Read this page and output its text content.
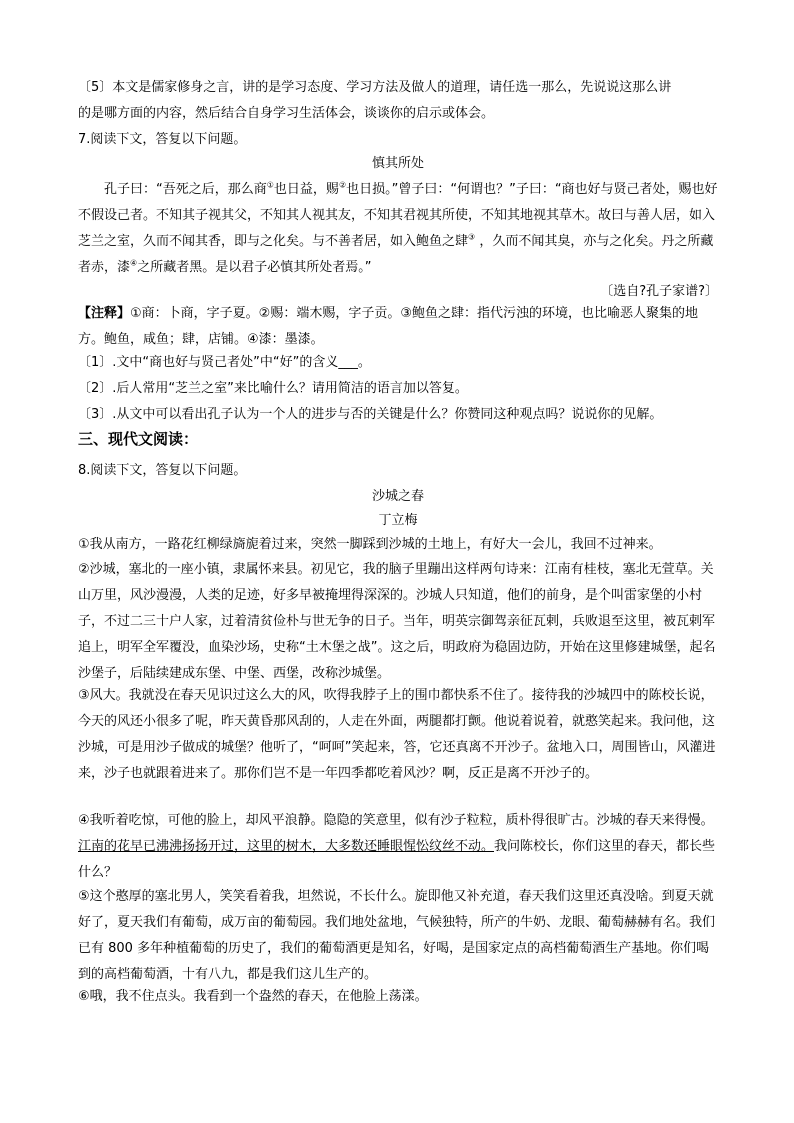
〔5〕本文是儒家修身之言，讲的是学习态度、学习方法及做人的道理，请任选一那么，先说说这那么讲

的是哪方面的内容，然后结合自身学习生活体会，谈谈你的启示或体会。

7.阅读下文，答复以下问题。

慎其所处

孔子曰：“吾死之后，那么商①也日益，赐②也日损。”曾子曰：“何谓也？”子曰：“商也好与贤己者处，赐也好不假设己者。不知其子视其父，不知其人视其友，不知其君视其所使，不知其地视其草木。故曰与善人居，如入芝兰之室，久而不闻其香，即与之化矣。与不善者居，如入鲍鱼之肆③ ，久而不闻其臭，亦与之化矣。丹之所藏者赤，漆④之所藏者黑。是以君子必慎其所处者焉。”

〔选自?孔子家谱?〕

【注释】①商：卜商，字子夏。②赐：端木赐，字子贡。③鲍鱼之肆：指代污浊的环境，也比喻恶人聚集的地方。鲍鱼，咸鱼；肆，店铺。④漆：墨漆。

〔1〕.文中“商也好与贤己者处”中“好”的含义___。

〔2〕.后人常用“芝兰之室”来比喻什么？请用简洁的语言加以答复。

〔3〕.从文中可以看出孔子认为一个人的进步与否的关键是什么？你赞同这种观点吗？说说你的见解。

三、现代文阅读：

8.阅读下文，答复以下问题。

沙城之春

丁立梅

①我从南方，一路花红柳绿旖旎着过来，突然一脚踩到沙城的土地上，有好大一会儿，我回不过神来。

②沙城，塞北的一座小镇，隶属怀来县。初见它，我的脑子里蹦出这样两句诗来：江南有桂枝，塞北无萱草。关山万里，风沙漫漫，人类的足迹，好多早被掩埋得深深的。沙城人只知道，他们的前身，是个叫雷家堡的小村子，不过二三十户人家，过着清贫俭朴与世无争的日子。当年，明英宗御驾亲征瓦剌，兵败退至这里，被瓦剌军追上，明军全军覆没，血染沙场，史称“土木堡之战”。这之后，明政府为稳固边防，开始在这里修建城堡，起名沙堡子，后陆续建成东堡、中堡、西堡，改称沙城堡。

③风大。我就没在春天见识过这么大的风，吹得我脖子上的围巾都快系不住了。接待我的沙城四中的陈校长说，今天的风还小很多了呢，昨天黄昏那风刮的，人走在外面，两腿都打颤。他说着说着，就憨笑起来。我问他，这沙城，可是用沙子做成的城堡？他听了，“呵呵”笑起来，答，它还真离不开沙子。盆地入口，周围皆山，风灌进来，沙子也就跟着进来了。那你们岂不是一年四季都吃着风沙？啊，反正是离不开沙子的。

④我听着吃惊，可他的脸上，却风平浪静。隐隐的笑意里，似有沙子粒粒，质朴得很旷古。沙城的春天来得慢。江南的花早已沸沸扬扬开过，这里的树木，大多数还睡眼惺忪纹丝不动。我问陈校长，你们这里的春天，都长些什么？

⑤这个憨厚的塞北男人，笑笑看着我，坦然说，不长什么。旋即他又补充道，春天我们这里还真没啥。到夏天就好了，夏天我们有葡萄，成万亩的葡萄园。我们地处盆地，气候独特，所产的牛奶、龙眼、葡萄赫赫有名。我们已有 800 多年种植葡萄的历史了，我们的葡萄酒更是知名，好喝，是国家定点的高档葡萄酒生产基地。你们喝到的高档葡萄酒，十有八九，都是我们这儿生产的。

⑥哦，我不住点头。我看到一个盎然的春天，在他脸上荡漾。
